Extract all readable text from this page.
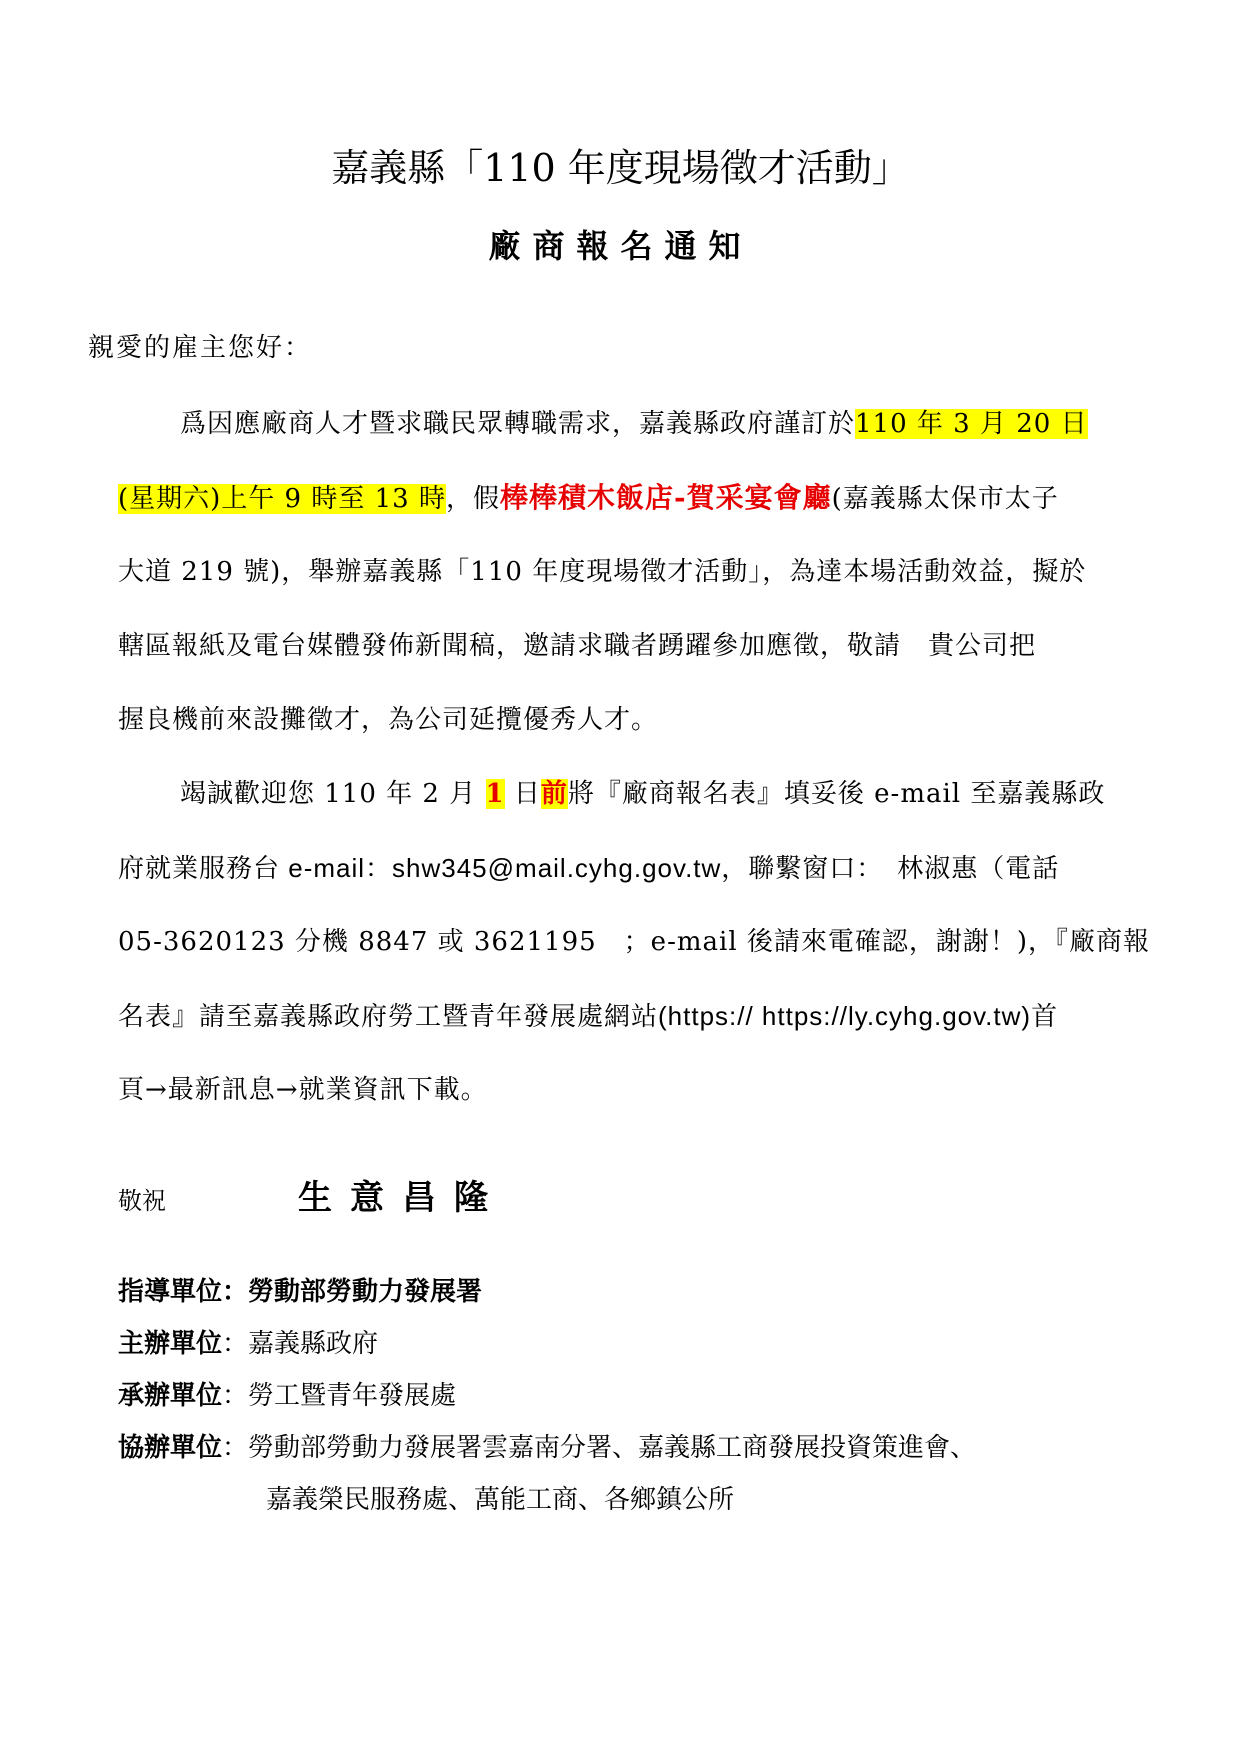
嘉義縣「110 年度現場徵才活動」
廠商報名通知
親愛的雇主您好：
爲因應廠商人才暨求職民眾轉職需求，嘉義縣政府謹訂於110 年 3 月 20 日
(星期六)上午 9 時至 13 時，假棒棒積木飯店-賀采宴會廳(嘉義縣太保市太子
大道 219 號)，舉辦嘉義縣「110 年度現場徵才活動」，為達本場活動效益，擬於
轄區報紙及電台媒體發佈新聞稿，邀請求職者踴躍參加應徵，敬請　貴公司把
握良機前來設攤徵才，為公司延攬優秀人才。
竭誠歡迎您 110 年 2 月 1 日前將『廠商報名表』填妥後 e-mail 至嘉義縣政
府就業服務台 e-mail：shw345@mail.cyhg.gov.tw，聯繫窗口：　林淑惠（電話
05-3620123 分機 8847 或 3621195　；e-mail 後請來電確認，謝謝！)，『廠商報
名表』請至嘉義縣政府勞工暨青年發展處網站(https:// https://ly.cyhg.gov.tw)首
頁→最新訊息→就業資訊下載。
敬祝	生意昌隆
指導單位：勞動部勞動力發展署
主辦單位：嘉義縣政府
承辦單位：勞工暨青年發展處
協辦單位：勞動部勞動力發展署雲嘉南分署、嘉義縣工商發展投資策進會、
嘉義榮民服務處、萬能工商、各鄉鎮公所
